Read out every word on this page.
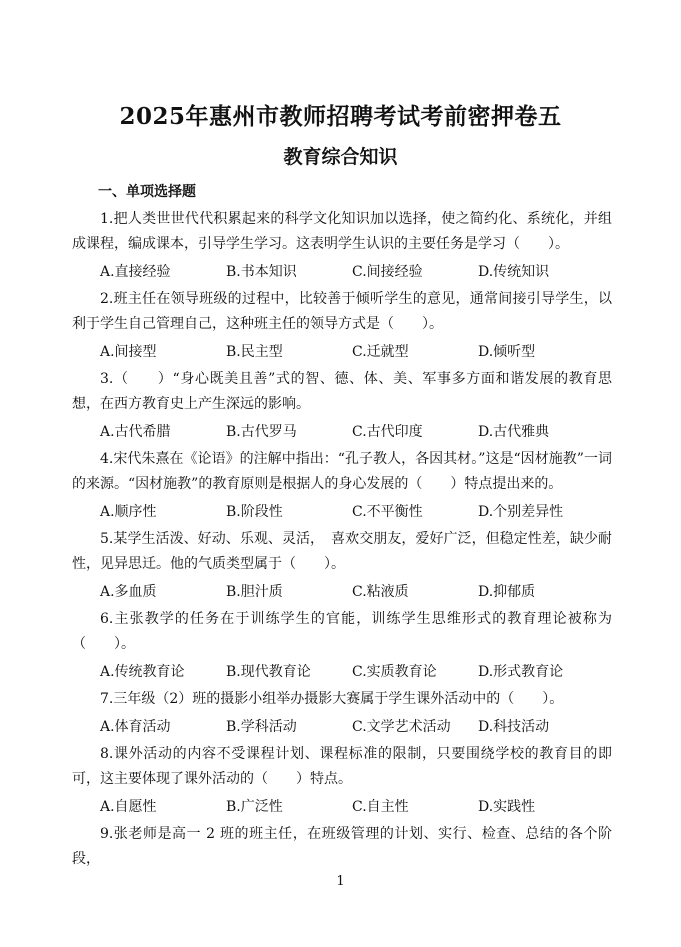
2025年惠州市教师招聘考试考前密押卷五
教育综合知识
一、单项选择题
1.把人类世世代代积累起来的科学文化知识加以选择，使之简约化、系统化，并组成课程，编成课本，引导学生学习。这表明学生认识的主要任务是学习（　　）。
A.直接经验	B.书本知识	C.间接经验	D.传统知识
2.班主任在领导班级的过程中，比较善于倾听学生的意见，通常间接引导学生，以利于学生自己管理自己，这种班主任的领导方式是（　　）。
A.间接型	B.民主型	C.迁就型	D.倾听型
3.（　　）“身心既美且善”式的智、德、体、美、军事多方面和谐发展的教育思想，在西方教育史上产生深远的影响。
A.古代希腊	B.古代罗马	C.古代印度	D.古代雅典
4.宋代朱熹在《论语》的注解中指出：“孔子教人，各因其材。”这是“因材施教”一词的来源。“因材施教”的教育原则是根据人的身心发展的（　　）特点提出来的。
A.顺序性	B.阶段性	C.不平衡性	D.个别差异性
5.某学生活泼、好动、乐观、灵活，　喜欢交朋友，爱好广泛，但稳定性差，缺少耐性，见异思迁。他的气质类型属于（　　）。
A.多血质	B.胆汁质	C.粘液质	D.抑郁质
6.主张教学的任务在于训练学生的官能，训练学生思维形式的教育理论被称为（　　）。
A.传统教育论	B.现代教育论	C.实质教育论	D.形式教育论
7.三年级（2）班的摄影小组举办摄影大赛属于学生课外活动中的（　　）。
A.体育活动	B.学科活动	C.文学艺术活动	D.科技活动
8.课外活动的内容不受课程计划、课程标准的限制，只要围绕学校的教育目的即可，这主要体现了课外活动的（　　）特点。
A.自愿性	B.广泛性	C.自主性	D.实践性
9.张老师是高一 2 班的班主任，在班级管理的计划、实行、检查、总结的各个阶段，
1
